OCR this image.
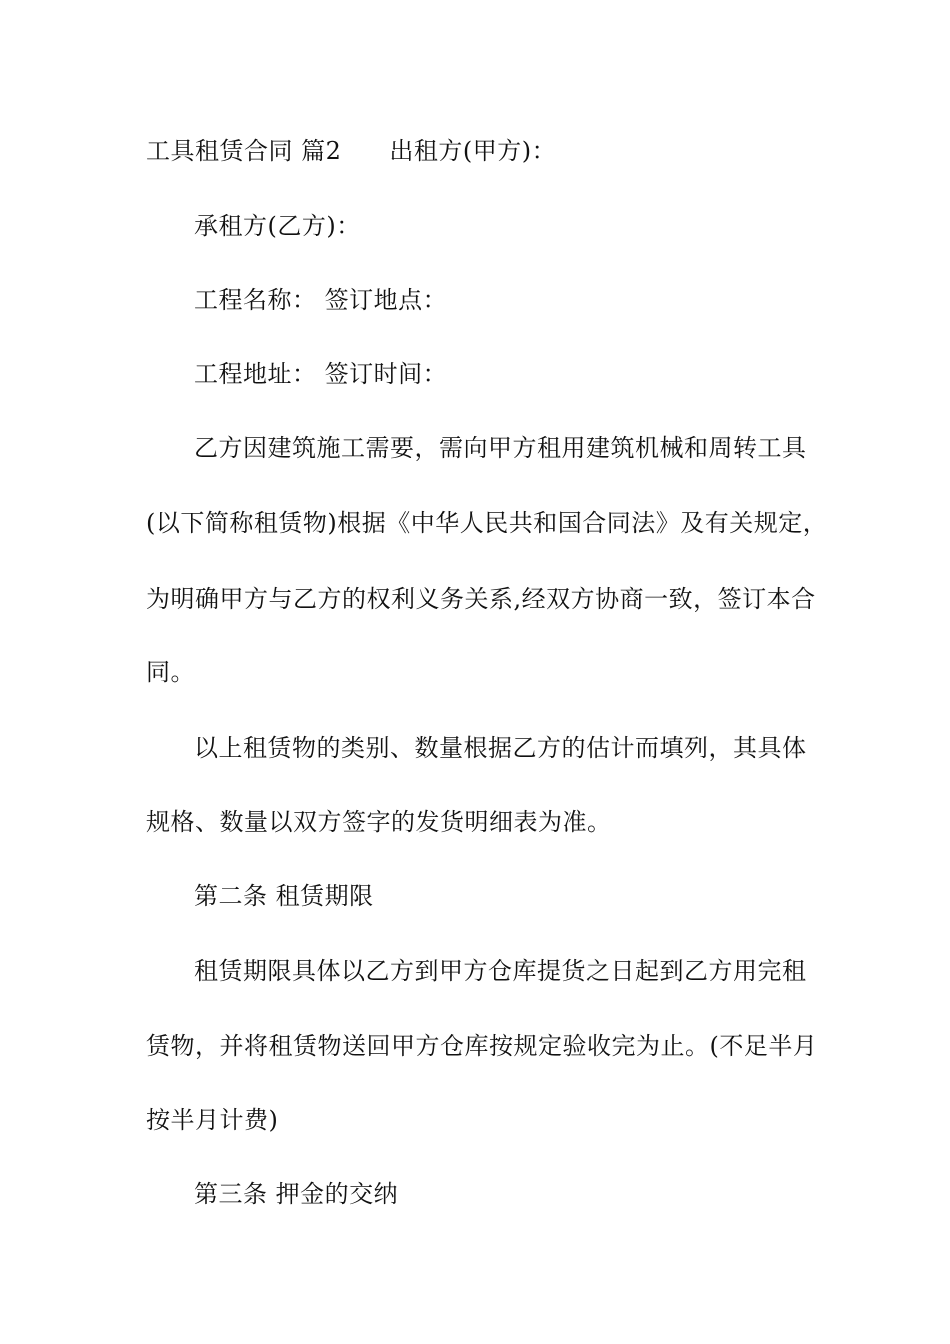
工具租赁合同 篇2 出租方(甲方)：
承租方(乙方)：
工程名称： 签订地点：
工程地址： 签订时间：
乙方因建筑施工需要，需向甲方租用建筑机械和周转工具
(以下简称租赁物)根据《中华人民共和国合同法》及有关规定，
为明确甲方与乙方的权利义务关系,经双方协商一致，签订本合
同。
以上租赁物的类别、数量根据乙方的估计而填列，其具体
规格、数量以双方签字的发货明细表为准。
第二条 租赁期限
租赁期限具体以乙方到甲方仓库提货之日起到乙方用完租
赁物，并将租赁物送回甲方仓库按规定验收完为止。(不足半月
按半月计费)
第三条 押金的交纳
